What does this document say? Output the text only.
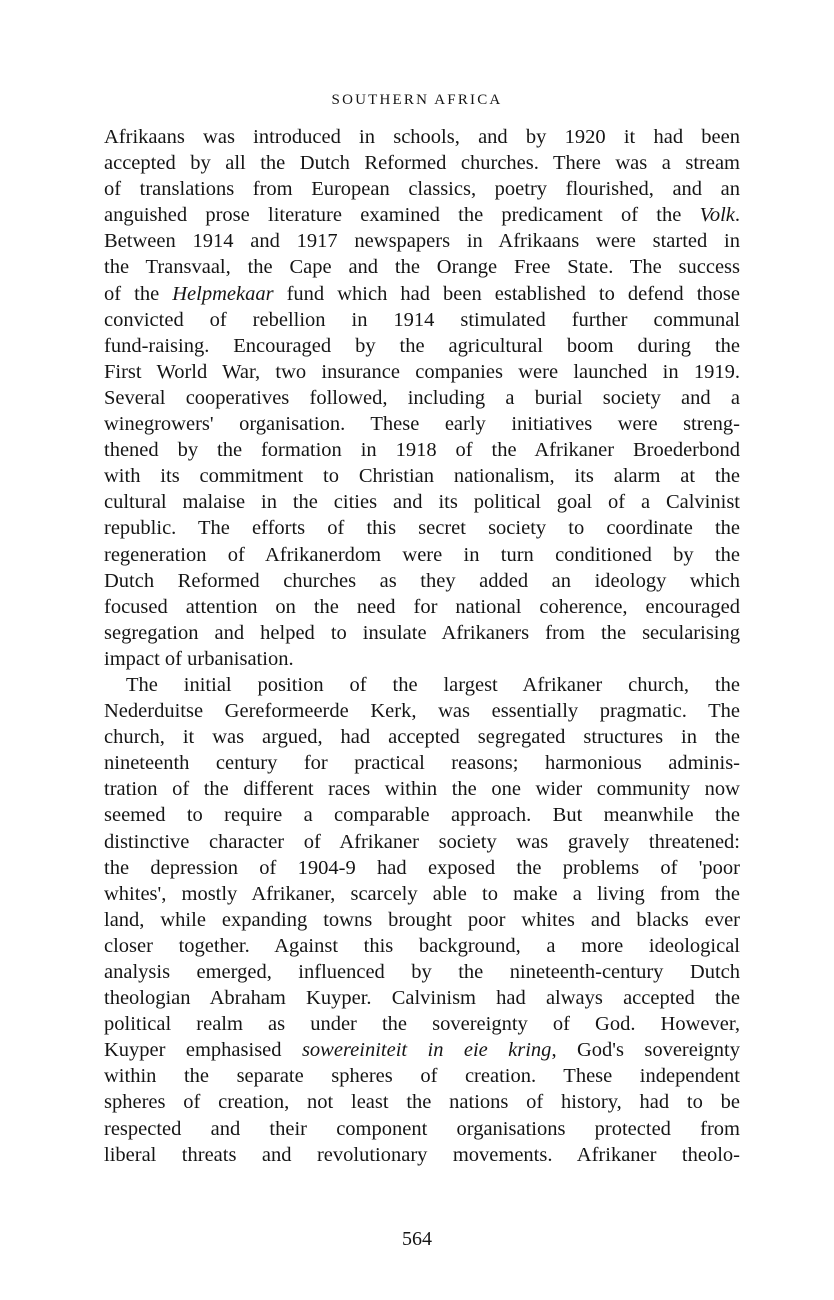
SOUTHERN AFRICA
Afrikaans was introduced in schools, and by 1920 it had been
accepted by all the Dutch Reformed churches. There was a stream
of translations from European classics, poetry flourished, and an
anguished prose literature examined the predicament of the Volk.
Between 1914 and 1917 newspapers in Afrikaans were started in
the Transvaal, the Cape and the Orange Free State. The success
of the Helpmekaar fund which had been established to defend those
convicted of rebellion in 1914 stimulated further communal
fund-raising. Encouraged by the agricultural boom during the
First World War, two insurance companies were launched in 1919.
Several cooperatives followed, including a burial society and a
winegrowers' organisation. These early initiatives were streng-
thened by the formation in 1918 of the Afrikaner Broederbond
with its commitment to Christian nationalism, its alarm at the
cultural malaise in the cities and its political goal of a Calvinist
republic. The efforts of this secret society to coordinate the
regeneration of Afrikanerdom were in turn conditioned by the
Dutch Reformed churches as they added an ideology which
focused attention on the need for national coherence, encouraged
segregation and helped to insulate Afrikaners from the secularising
impact of urbanisation.
The initial position of the largest Afrikaner church, the
Nederduitse Gereformeerde Kerk, was essentially pragmatic. The
church, it was argued, had accepted segregated structures in the
nineteenth century for practical reasons; harmonious adminis-
tration of the different races within the one wider community now
seemed to require a comparable approach. But meanwhile the
distinctive character of Afrikaner society was gravely threatened:
the depression of 1904-9 had exposed the problems of 'poor
whites', mostly Afrikaner, scarcely able to make a living from the
land, while expanding towns brought poor whites and blacks ever
closer together. Against this background, a more ideological
analysis emerged, influenced by the nineteenth-century Dutch
theologian Abraham Kuyper. Calvinism had always accepted the
political realm as under the sovereignty of God. However,
Kuyper emphasised sowereiniteit in eie kring, God's sovereignty
within the separate spheres of creation. These independent
spheres of creation, not least the nations of history, had to be
respected and their component organisations protected from
liberal threats and revolutionary movements. Afrikaner theolo-
564
